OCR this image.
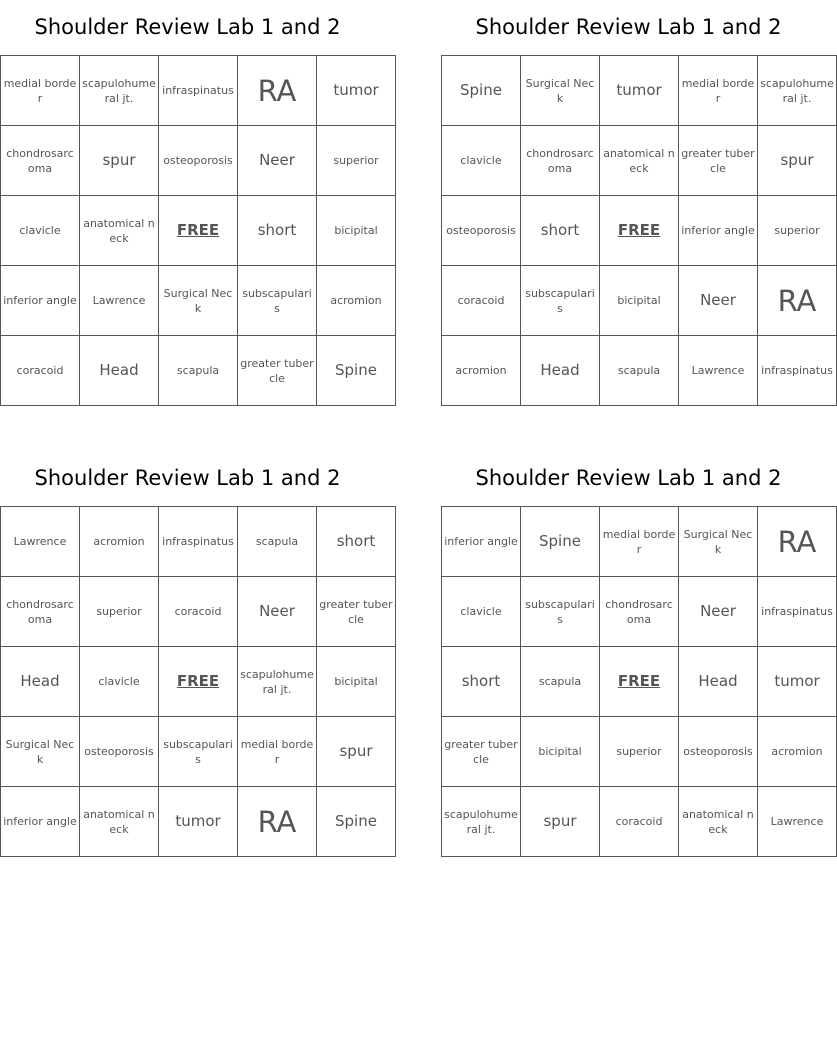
Shoulder Review Lab 1 and 2
medial border	scapulohumeral jt.	infraspinatus	RA	tumor
chondrosarcoma	spur	osteoporosis	Neer	superior
clavicle	anatomical neck	FREE	short	bicipital
inferior angle	Lawrence	Surgical Neck	subscapularis	acromion
coracoid	Head	scapula	greater tubercle	Spine
Shoulder Review Lab 1 and 2
Spine	Surgical Neck	tumor	medial border	scapulohumeral jt.
clavicle	chondrosarcoma	anatomical neck	greater tubercle	spur
osteoporosis	short	FREE	inferior angle	superior
coracoid	subscapularis	bicipital	Neer	RA
acromion	Head	scapula	Lawrence	infraspinatus
Shoulder Review Lab 1 and 2
Lawrence	acromion	infraspinatus	scapula	short
chondrosarcoma	superior	coracoid	Neer	greater tubercle
Head	clavicle	FREE	scapulohumeral jt.	bicipital
Surgical Neck	osteoporosis	subscapularis	medial border	spur
inferior angle	anatomical neck	tumor	RA	Spine
Shoulder Review Lab 1 and 2
inferior angle	Spine	medial border	Surgical Neck	RA
clavicle	subscapularis	chondrosarcoma	Neer	infraspinatus
short	scapula	FREE	Head	tumor
greater tubercle	bicipital	superior	osteoporosis	acromion
scapulohumeral jt.	spur	coracoid	anatomical neck	Lawrence
